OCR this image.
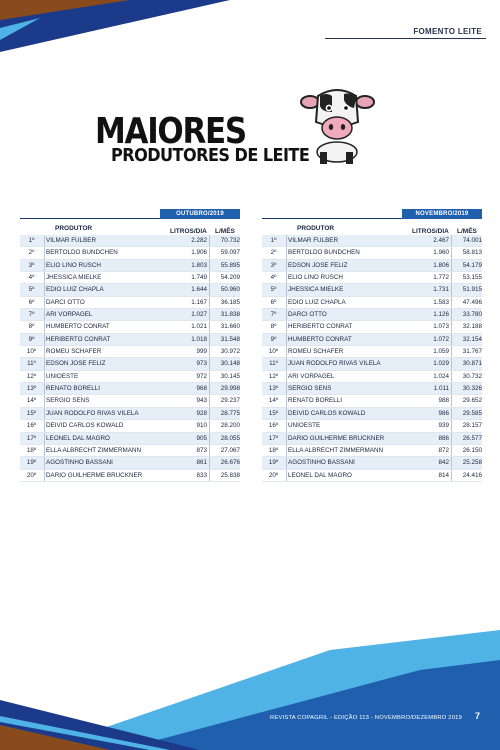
FOMENTO LEITE
MAIORES
PRODUTORES DE LEITE
OUTUBRO/2019
PRODUTOR	LITROS/DIA L/MÊS
1º	VILMAR FULBER	2.282	70.732
2º	BERTOLDO BUNDCHEN	1.906	59.097
3º	ELIO LINO RUSCH	1.803	55.895
4º	JHESSICA MIELKE	1.749	54.209
5º	EDIO LUIZ CHAPLA	1.644	50.960
6º	DARCI OTTO	1.167	36.185
7º	ARI VORPAGEL	1.027	31.838
8º	HUMBERTO CONRAT	1.021	31.660
9º	HERIBERTO CONRAT	1.018	31.548
10º	ROMEU SCHAFER	999	30.972
11º	EDSON JOSE FELIZ	973	30.148
12º	UNIOESTE	972	30.145
13º	RENATO BORELLI	968	29.998
14º	SERGIO SENS	943	29.237
15º	JUAN RODOLFO RIVAS VILELA	928	28.775
16º	DEIVID CARLOS KOWALD	910	28.200
17º	LEONEL DAL MAGRO	905	28.055
18º	ELLA ALBRECHT ZIMMERMANN	873	27.067
19º	AGOSTINHO BASSANI	861	26.676
20º	DARIO GUILHERME BRUCKNER	833	25.838
NOVEMBRO/2019
PRODUTOR	LITROS/DIA L/MÊS
1º	VILMAR FULBER	2.467	74.001
2º	BERTOLDO BUNDCHEN	1.960	58.813
3º	EDSON JOSE FELIZ	1.806	54.179
4º	ELIO LINO RUSCH	1.772	53.155
5º	JHESSICA MIELKE	1.731	51.915
6º	EDIO LUIZ CHAPLA	1.583	47.496
7º	DARCI OTTO	1.126	33.780
8º	HERIBERTO CONRAT	1.073	32.188
9º	HUMBERTO CONRAT	1.072	32.154
10º	ROMEU SCHAFER	1.059	31.767
11º	JUAN RODOLFO RIVAS VILELA	1.029	30.871
12º	ARI VORPAGEL	1.024	30.732
13º	SERGIO SENS	1.011	30.326
14º	RENATO BORELLI	988	29.652
15º	DEIVID CARLOS KOWALD	986	29.585
16º	UNIOESTE	939	28.157
17º	DARIO GUILHERME BRUCKNER	886	26.577
18º	ELLA ALBRECHT ZIMMERMANN	872	26.150
19º	AGOSTINHO BASSANI	842	25.258
20º	LEONEL DAL MAGRO	814	24.416
REVISTA COPAGRIL - EDIÇÃO 113 - NOVEMBRO/DEZEMBRO 2019 7
